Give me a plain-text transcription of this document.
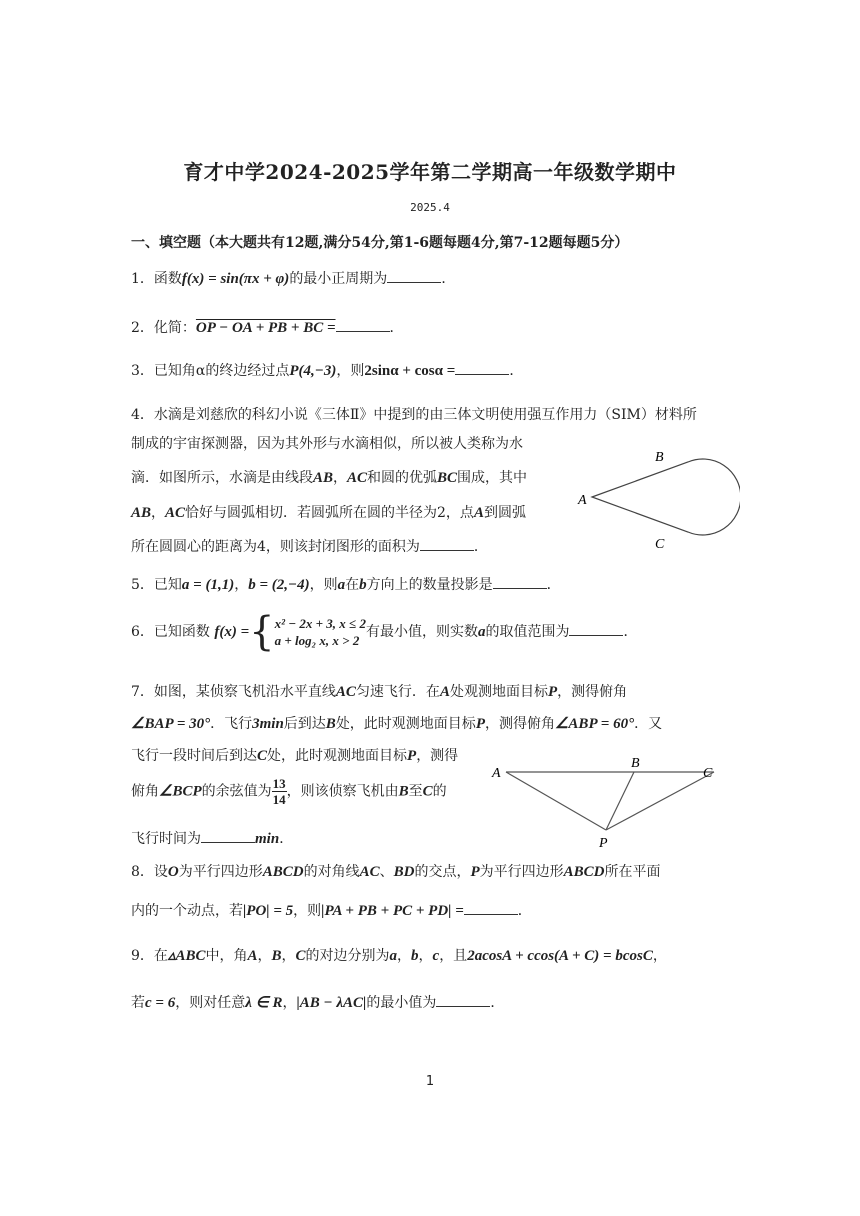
育才中学2024-2025学年第二学期高一年级数学期中
2025.4
一、填空题（本大题共有12题,满分54分,第1-6题每题4分,第7-12题每题5分）
1．函数f(x) = sin(πx + φ)的最小正周期为	．
2．化简：OP − OA + PB + BC =	．
3．已知角α的终边经过点P(4,−3)，则2sinα + cosα =	．
4．水滴是刘慈欣的科幻小说《三体Ⅱ》中提到的由三体文明使用强互作用力（SIM）材料所
制成的宇宙探测器，因为其外形与水滴相似，所以被人类称为水
滴．如图所示，水滴是由线段AB，AC和圆的优弧BC围成，其中
AB，AC恰好与圆弧相切．若圆弧所在圆的半径为2，点A到圆弧
所在圆圆心的距离为4，则该封闭图形的面积为	．
A
B
C
5．已知a = (1,1)，b = (2,−4)，则a在b方向上的数量投影是	．
6．已知函数 f(x) ={ x² − 2x + 3, x ≤ 2
a + log₂ x, x > 2
有最小值，则实数a的取值范围为	．
7．如图，某侦察飞机沿水平直线AC匀速飞行．在A处观测地面目标P，测得俯角
∠BAP = 30°．飞行3min后到达B处，此时观测地面目标P，测得俯角∠ABP = 60°．又
飞行一段时间后到达C处，此时观测地面目标P，测得
俯角∠BCP的余弦值为 $\frac{13}{14}$ ，则该侦察飞机由B至C的
飞行时间为	min．
A
B
C
P
8．设O为平行四边形ABCD的对角线AC、BD的交点，P为平行四边形ABCD所在平面
内的一个动点，若|PO| = 5，则|PA + PB + PC + PD| =	．
9．在▵ABC中，角A，B，C的对边分别为a，b，c，且2acosA + ccos(A + C) = bcosC，
若c = 6，则对任意λ ∈ R，|AB − λAC|的最小值为	．
1
